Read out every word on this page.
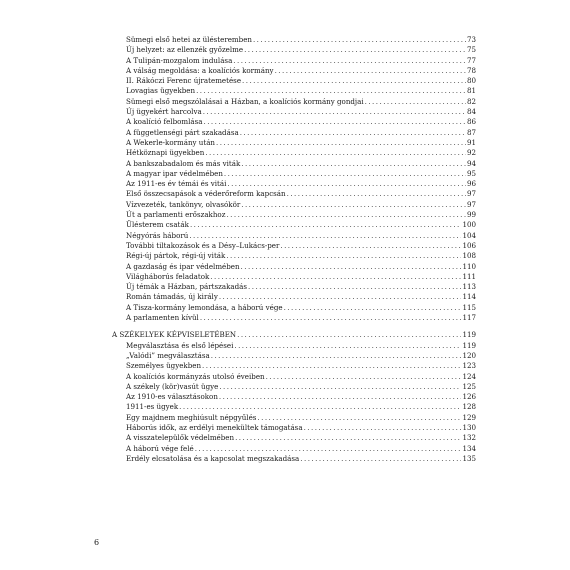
Sümegi első hetei az ülésteremben . . .	73
Új helyzet: az ellenzék győzelme . . .	75
A Tulipán-mozgalom indulása . . .	77
A válság megoldása: a koalíciós kormány . . .	78
II. Rákóczi Ferenc újratemetése . . .	80
Lovagias ügyekben . . .	81
Sümegi első megszólalásai a Házban, a koalíciós kormány gondjai . . .	82
Új ügyekért harcolva . . .	84
A koalíció felbomlása . . .	86
A függetlenségi párt szakadása . . .	87
A Wekerle-kormány után . . .	91
Hétköznapi ügyekben . . .	92
A bankszabadalom és más viták . . .	94
A magyar ipar védelmében . . .	95
Az 1911-es év témái és vitái . . .	96
Első összecsapások a véderőreform kapcsán . . .	97
Vízvezeték, tankönyv, olvasókör . . .	97
Út a parlamenti erőszakhoz . . .	99
Ülésterem csaták . . .	100
Négyórás háború . . .	104
További tiltakozások és a Désy–Lukács-per . . .	106
Régi-új pártok, régi-új viták . . .	108
A gazdaság és ipar védelmében . . .	110
Világháborús feladatok . . .	111
Új témák a Házban, pártszakadás . . .	113
Román támadás, új király . . .	114
A Tisza-kormány lemondása, a háború vége . . .	115
A parlamenten kívül . . .	117
A SZÉKELYEK KÉPVISELETÉBEN . . .	119
Megválasztása és első lépései . . .	119
„Valódi” megválasztása . . .	120
Személyes ügyekben . . .	123
A koalíciós kormányzás utolsó éveiben . . .	124
A székely (kör)vasút ügye . . .	125
Az 1910-es választásokon . . .	126
1911-es ügyek . . .	128
Egy majdnem meghiúsult népgyűlés . . .	129
Háborús idők, az erdélyi menekültek támogatása . . .	130
A visszatelepülők védelmében . . .	132
A háború vége felé . . .	134
Erdély elcsatolása és a kapcsolat megszakadása . . .	135
6
